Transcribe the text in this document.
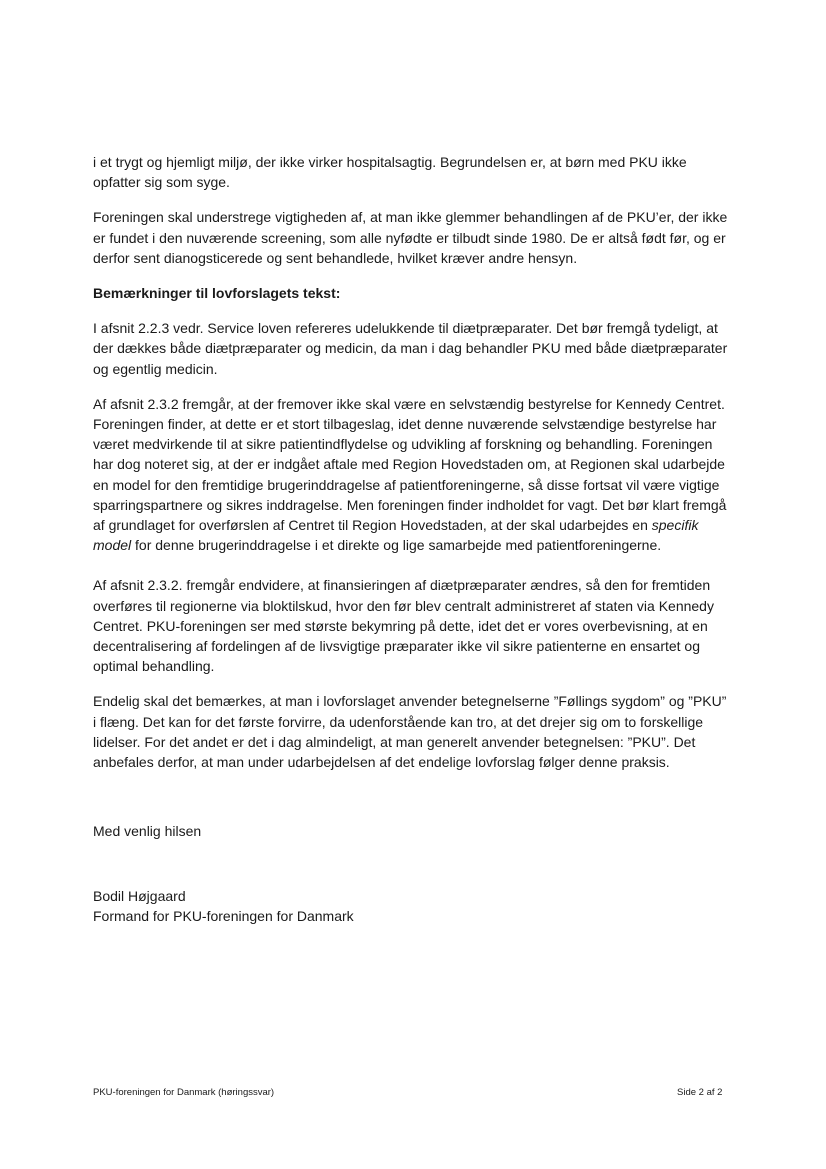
i et trygt og hjemligt miljø, der ikke virker hospitalsagtig. Begrundelsen er, at børn med PKU ikke opfatter sig som syge.

Foreningen skal understrege vigtigheden af, at man ikke glemmer behandlingen af de PKU’er, der ikke er fundet i den nuværende screening, som alle nyfødte er tilbudt sinde 1980. De er altså født før, og er derfor sent dianogsticerede og sent behandlede, hvilket kræver andre hensyn.

Bemærkninger til lovforslagets tekst:

I afsnit 2.2.3 vedr. Service loven refereres udelukkende til diætpræparater. Det bør fremgå tydeligt, at der dækkes både diætpræparater og medicin, da man i dag behandler PKU med både diætpræparater og egentlig medicin.

Af afsnit 2.3.2 fremgår, at der fremover ikke skal være en selvstændig bestyrelse for Kennedy Centret. Foreningen finder, at dette er et stort tilbageslag, idet denne nuværende selvstændige bestyrelse har været medvirkende til at sikre patientindflydelse og udvikling af forskning og behandling. Foreningen har dog noteret sig, at der er indgået aftale med Region Hovedstaden om, at Regionen skal udarbejde en model for den fremtidige brugerinddragelse af patientforeningerne, så disse fortsat vil være vigtige sparringspartnere og sikres inddragelse. Men foreningen finder indholdet for vagt. Det bør klart fremgå af grundlaget for overførslen af Centret til Region Hovedstaden, at der skal udarbejdes en specifik model for denne brugerinddragelse i et direkte og lige samarbejde med patientforeningerne.

Af afsnit 2.3.2. fremgår endvidere, at finansieringen af diætpræparater ændres, så den for fremtiden overføres til regionerne via bloktilskud, hvor den før blev centralt administreret af staten via Kennedy Centret. PKU-foreningen ser med største bekymring på dette, idet det er vores overbevisning, at en decentralisering af fordelingen af de livsvigtige præparater ikke vil sikre patienterne en ensartet og optimal behandling.

Endelig skal det bemærkes, at man i lovforslaget anvender betegnelserne ”Føllings sygdom” og ”PKU” i flæng. Det kan for det første forvirre, da udenforstående kan tro, at det drejer sig om to forskellige lidelser. For det andet er det i dag almindeligt, at man generelt anvender betegnelsen: ”PKU”. Det anbefales derfor, at man under udarbejdelsen af det endelige lovforslag følger denne praksis.

Med venlig hilsen
Bodil Højgaard
Formand for PKU-foreningen for Danmark
PKU-foreningen for Danmark (høringssvar)	Side 2 af 2
